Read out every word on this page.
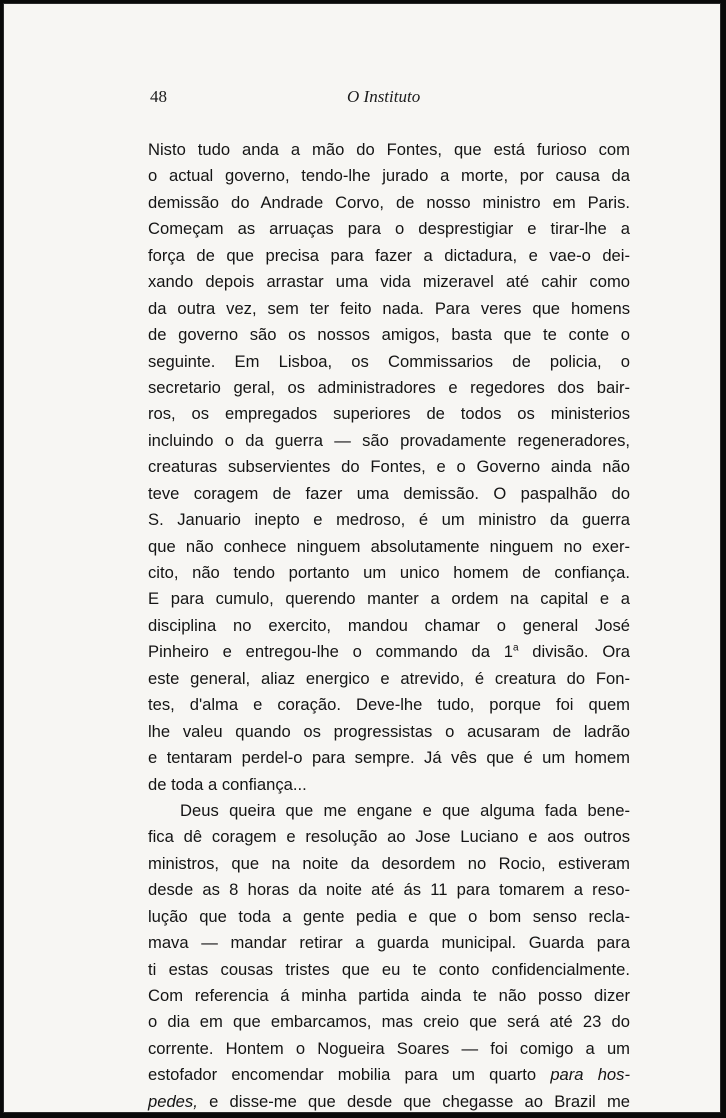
48	O Instituto
Nisto tudo anda a mão do Fontes, que está furioso com
o actual governo, tendo-lhe jurado a morte, por causa da
demissão do Andrade Corvo, de nosso ministro em Paris.
Começam as arruaças para o desprestigiar e tirar-lhe a
força de que precisa para fazer a dictadura, e vae-o dei-
xando depois arrastar uma vida mizeravel até cahir como
da outra vez, sem ter feito nada. Para veres que homens
de governo são os nossos amigos, basta que te conte o
seguinte. Em Lisboa, os Commissarios de policia, o
secretario geral, os administradores e regedores dos bair-
ros, os empregados superiores de todos os ministerios
incluindo o da guerra — são provadamente regeneradores,
creaturas subservientes do Fontes, e o Governo ainda não
teve coragem de fazer uma demissão. O paspalhão do
S. Januario inepto e medroso, é um ministro da guerra
que não conhece ninguem absolutamente ninguem no exer-
cito, não tendo portanto um unico homem de confiança.
E para cumulo, querendo manter a ordem na capital e a
disciplina no exercito, mandou chamar o general José
Pinheiro e entregou-lhe o commando da 1$^a$ divisão. Ora
este general, aliaz energico e atrevido, é creatura do Fon-
tes, d'alma e coração. Deve-lhe tudo, porque foi quem
lhe valeu quando os progressistas o acusaram de ladrão
e tentaram perdel-o para sempre. Já vês que é um homem
de toda a confiança...
Deus queira que me engane e que alguma fada bene-
fica dê coragem e resolução ao Jose Luciano e aos outros
ministros, que na noite da desordem no Rocio, estiveram
desde as 8 horas da noite até ás 11 para tomarem a reso-
lução que toda a gente pedia e que o bom senso recla-
mava — mandar retirar a guarda municipal. Guarda para
ti estas cousas tristes que eu te conto confidencialmente.
Com referencia á minha partida ainda te não posso dizer
o dia em que embarcamos, mas creio que será até 23 do
corrente. Hontem o Nogueira Soares — foi comigo a um
estofador encomendar mobilia para um quarto para hos-
pedes, e disse-me que desde que chegasse ao Brazil me
